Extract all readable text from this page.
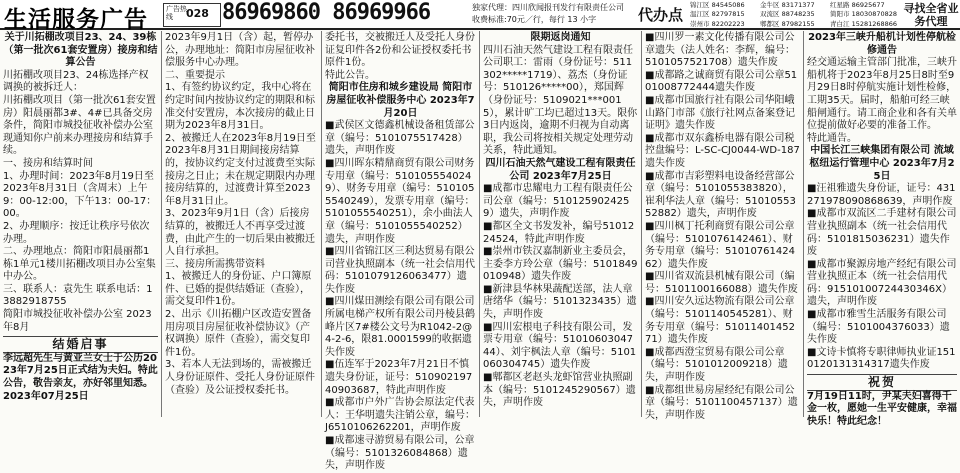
生活服务广告	广告热线	028 86969860 86969966	独家代理：四川欣闻报刊发行有限责任公司
收费标准:70元／行，每行 13 小字	代办点
锦江区 84545086	金牛区 83171377	红星路 86925677
温江区 82797815	双流区 88748235	简阳市 18030870828
崇州市 82202223	郫都区 87982155	青白江 15281268866
寻找全省业务代理
关于川拓棚改项目23、24、39栋（第一批次61套安置房）接房和结算公告
川拓棚改项目23、24栋选择产权调换的被拆迁人：
川拓棚改项目（第一批次61套安置房）阳晨丽都3#、4#已具备交房条件，简阳市城投征收补偿办公室现通知你户前来办理接房和结算手续。
一、接房和结算时间
1、办理时间：2023年8月19日至2023年8月31日（含周末）上午9：00-12:00，下午13：00-17：00。
2、办理顺序：按迁让秩序号依次办理。
二、办理地点：简阳市阳晨丽都1栋1单元1楼川拓棚改项目办公室集中办公。
三、联系人：袁先生 联系电话：13882918755
简阳市城投征收补偿办公室 2023年8月
结婚启事
李远超先生与黄亚兰女士于公历2023年7月25日正式结为夫妇。特此公告，敬告亲友，亦好邻里知悉。 2023年07月25日
2023年9月1日（含）起，暂停办公，办理地址：简阳市房屋征收补偿服务中心办理。
二、重要提示
1、有签约协议约定，我中心将在约定时间内按协议约定的期限和标准交付安置房，本次接房的截止日期为2023年8月31日。
2、被搬迁人在2023年8月19日至2023年8月31日期间接房结算的，按协议约定支付过渡费至实际接房之日止；未在规定期限内办理接房结算的，过渡费计算至2023年8月31日止。
3、2023年9月1日（含）后接房结算的，被搬迁人不再享受过渡费，由此产生的一切后果由被搬迁人自行承担。
三、接房所需携带资料
1、被搬迁人的身份证、户口簿原件、已婚的提供结婚证（查验），需交复印件1份。
2、出示《川拓棚户区改造安置备用房项目房屋征收补偿协议》（产权调换）原件（查验），需交复印件1份。
3、若本人无法到场的，需被搬迁人身份证原件、受托人身份证原件（查验）及公证授权委托书。
委托书，交被搬迁人及受托人身份证复印件各2份和公证授权委托书原件1份。
特此公告。
简阳市住房和城乡建设局 简阳市房屋征收补偿服务中心 2023年7月20日
■武侯区文德鑫机械设备租赁部公章（编号：5101075517428）遗失，声明作废
■四川晖东精鼎商贸有限公司财务专用章（编号：5101055540249）、财务专用章（编号：5101055540249），发票专用章（编号：5101055540251），余小曲法人章（编号：5101055540252）遗失，声明作废
■四川省锦江区三利达贸易有限公司营业执照副本（统一社会信用代码：5101079126063477）遗失作废
■四川煤田测绘有限公司有限公司所属电梯产权所有限公司丹棱县鹤峰片区7#楼公文号为R1042-2@4-2-6，限81.0001599的收据遗失作废
■伍连军于2023年7月21日不慎遗失身份证，证号：51090219740903687，特此声明作废
■成都市户外广告协会原法定代表人：王华明遗失注销公章，编号：J6510106262201，声明作废
■成都速寻游贸易有限公司，公章（编号：5101326084868）遗失，声明作废
限期返岗通知
四川石油天然气建设工程有限责任公司职工：雷雨（身份证号：511302*****1719）、荔杰（身份证号：510126*****00），郑国辉（身份证号：5109021***0015），累计旷工均已超过13天。限你3日内返岗，逾期不归视为自动离职，我公司将按相关规定处理劳动关系，特此通知。
四川石油天然气建设工程有限责任公司 2023年7月25日
■成都市忠耀电力工程有限责任公司公章（编号：5101259024259）遗失，声明作废
■都区全文书发发补，编号5101224524，特此声明作废
■崇州市铁汉嘉制新业主委员会，主委李方玲公章（编号：5101849010948）遗失作废
■新津县华林果蔬配送部，法人章唐绪华（编号：5101323435）遗失，声明作废
■四川宏根电子科技有限公司，发票专用章（编号：5101060304744）、刘宇枫法人章（编号：5101060304745）遗失作废
■郫都区老赵头龙虾馆营业执照副本（编号：5101245290567）遗失，声明作废
■四川罗一素文化传播有限公司公章遗失（法人姓名：李辉，编号：5101057521708）遗失作废
■成都路之诚商贸有限公司公章5101008772444遗失作废
■成都市国旅行社有限公司华阳峨山路门市部《旅行社网点备案登记证明》遗失作废
■成都市双东鑫桥电器有限公司税控盘编号：L-SC-CJ0044-WD-187遗失作废
■成都市吉彩塑料电设备经营部公章（编号：5101055383820），崔利华法人章（编号：5101055352882）遗失，声明作废
■四川枫丁托利商贸有限公司公章（编号：5101076142461）、财务专用章（编号：5101076142462）遗失作废
■四川省双流县机械有限公司（编号：5101100166088）遗失作废
■四川安久远达物流有限公司公章（编号：5101140545281）、财务专用章（编号：5101140145271）遗失作废
■成都西澄宝贸易有限公司公章（编号：5101012009218）遗失，声明作废
■成都组世易房屋经纪有限公司公章（编号：5101100457137）遗失，声明作废
2023年三峡升船机计划性停航检修通告
经交通运输主管部门批准，三峡升船机将于2023年8月25日8时至9月29日8时停航实施计划性检修，工期35天。届时，船舶可经三峡船闸通行。请工商企业和各有关单位提前做好必要的准备工作。
特此通告。
中国长江三峡集团有限公司 流域枢纽运行管理中心 2023年7月25日
■汪祖雅遗失身份证，证号：431271978090868639，声明作废
■成都市双流区二手建材有限公司营业执照副本（统一社会信用代码：5101815036231）遗失作废
■成都市聚源房地产经纪有限公司营业执照正本（统一社会信用代码：91510100724430346X）遗失，声明作废
■成都市雅雪生活服务有限公司（编号：5101004376033）遗失作废
■文诗卡慎将专职律师执业证1510120131314317遗失作废
祝贺
7月19日11时，尹某夫妇喜得千金一枚，愿她一生平安健康，幸福快乐！特此纪念！
